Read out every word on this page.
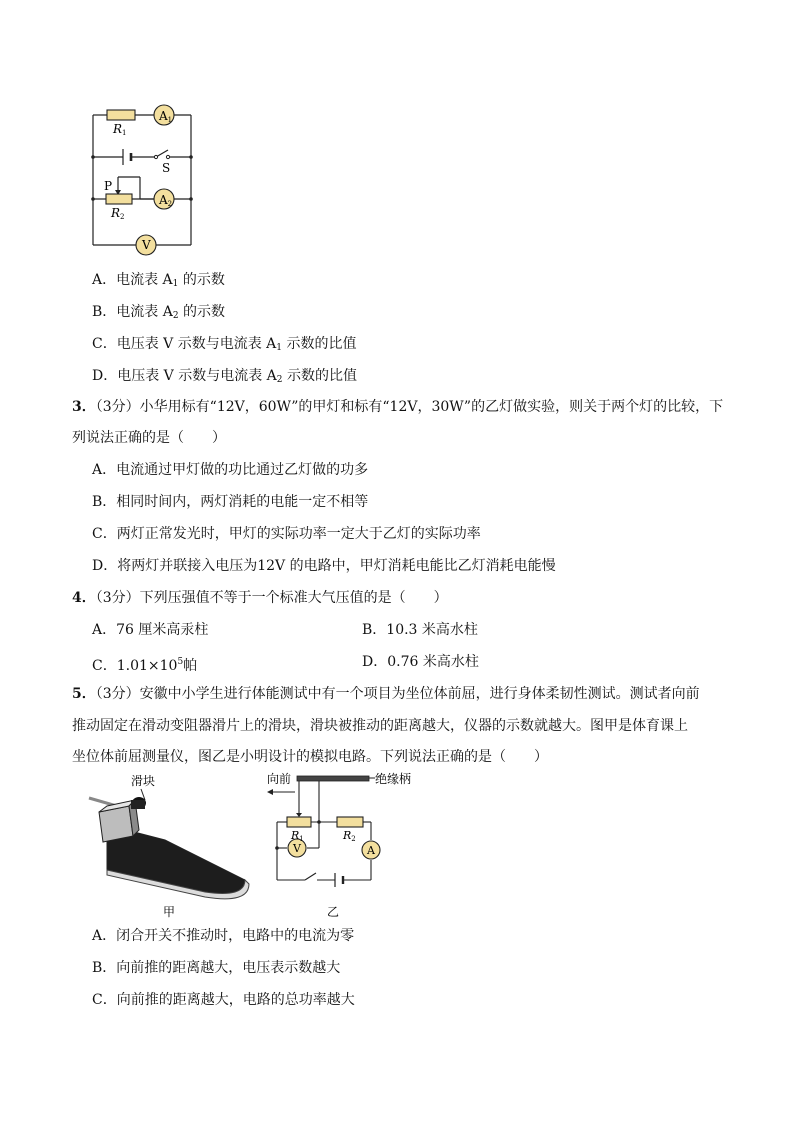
A1
A2
V
R1
R2
S
P
A．电流表 $A_1$ 的示数
B．电流表 $A_2$ 的示数
C．电压表 V 示数与电流表 $A_1$ 示数的比值
D．电压表 V 示数与电流表 $A_2$ 示数的比值
3．（3分）小华用标有“12V，60W”的甲灯和标有“12V，30W”的乙灯做实验，则关于两个灯的比较，下
列说法正确的是（　　）
A．电流通过甲灯做的功比通过乙灯做的功多
B．相同时间内，两灯消耗的电能一定不相等
C．两灯正常发光时，甲灯的实际功率一定大于乙灯的实际功率
D．将两灯并联接入电压为12V 的电路中，甲灯消耗电能比乙灯消耗电能慢
4．（3分）下列压强值不等于一个标准大气压值的是（　　）
A．76 厘米高汞柱	B．10.3 米高水柱
C．$1.01\times 10^5$帕	D．0.76 米高水柱
5．（3分）安徽中小学生进行体能测试中有一个项目为坐位体前屈，进行身体柔韧性测试。测试者向前
推动固定在滑动变阻器滑片上的滑块，滑块被推动的距离越大，仪器的示数就越大。图甲是体育课上
坐位体前屈测量仪，图乙是小明设计的模拟电路。下列说法正确的是（　　）
滑块
甲
向前	绝缘柄
V	A
R1	R2
乙
A．闭合开关不推动时，电路中的电流为零
B．向前推的距离越大，电压表示数越大
C．向前推的距离越大，电路的总功率越大
